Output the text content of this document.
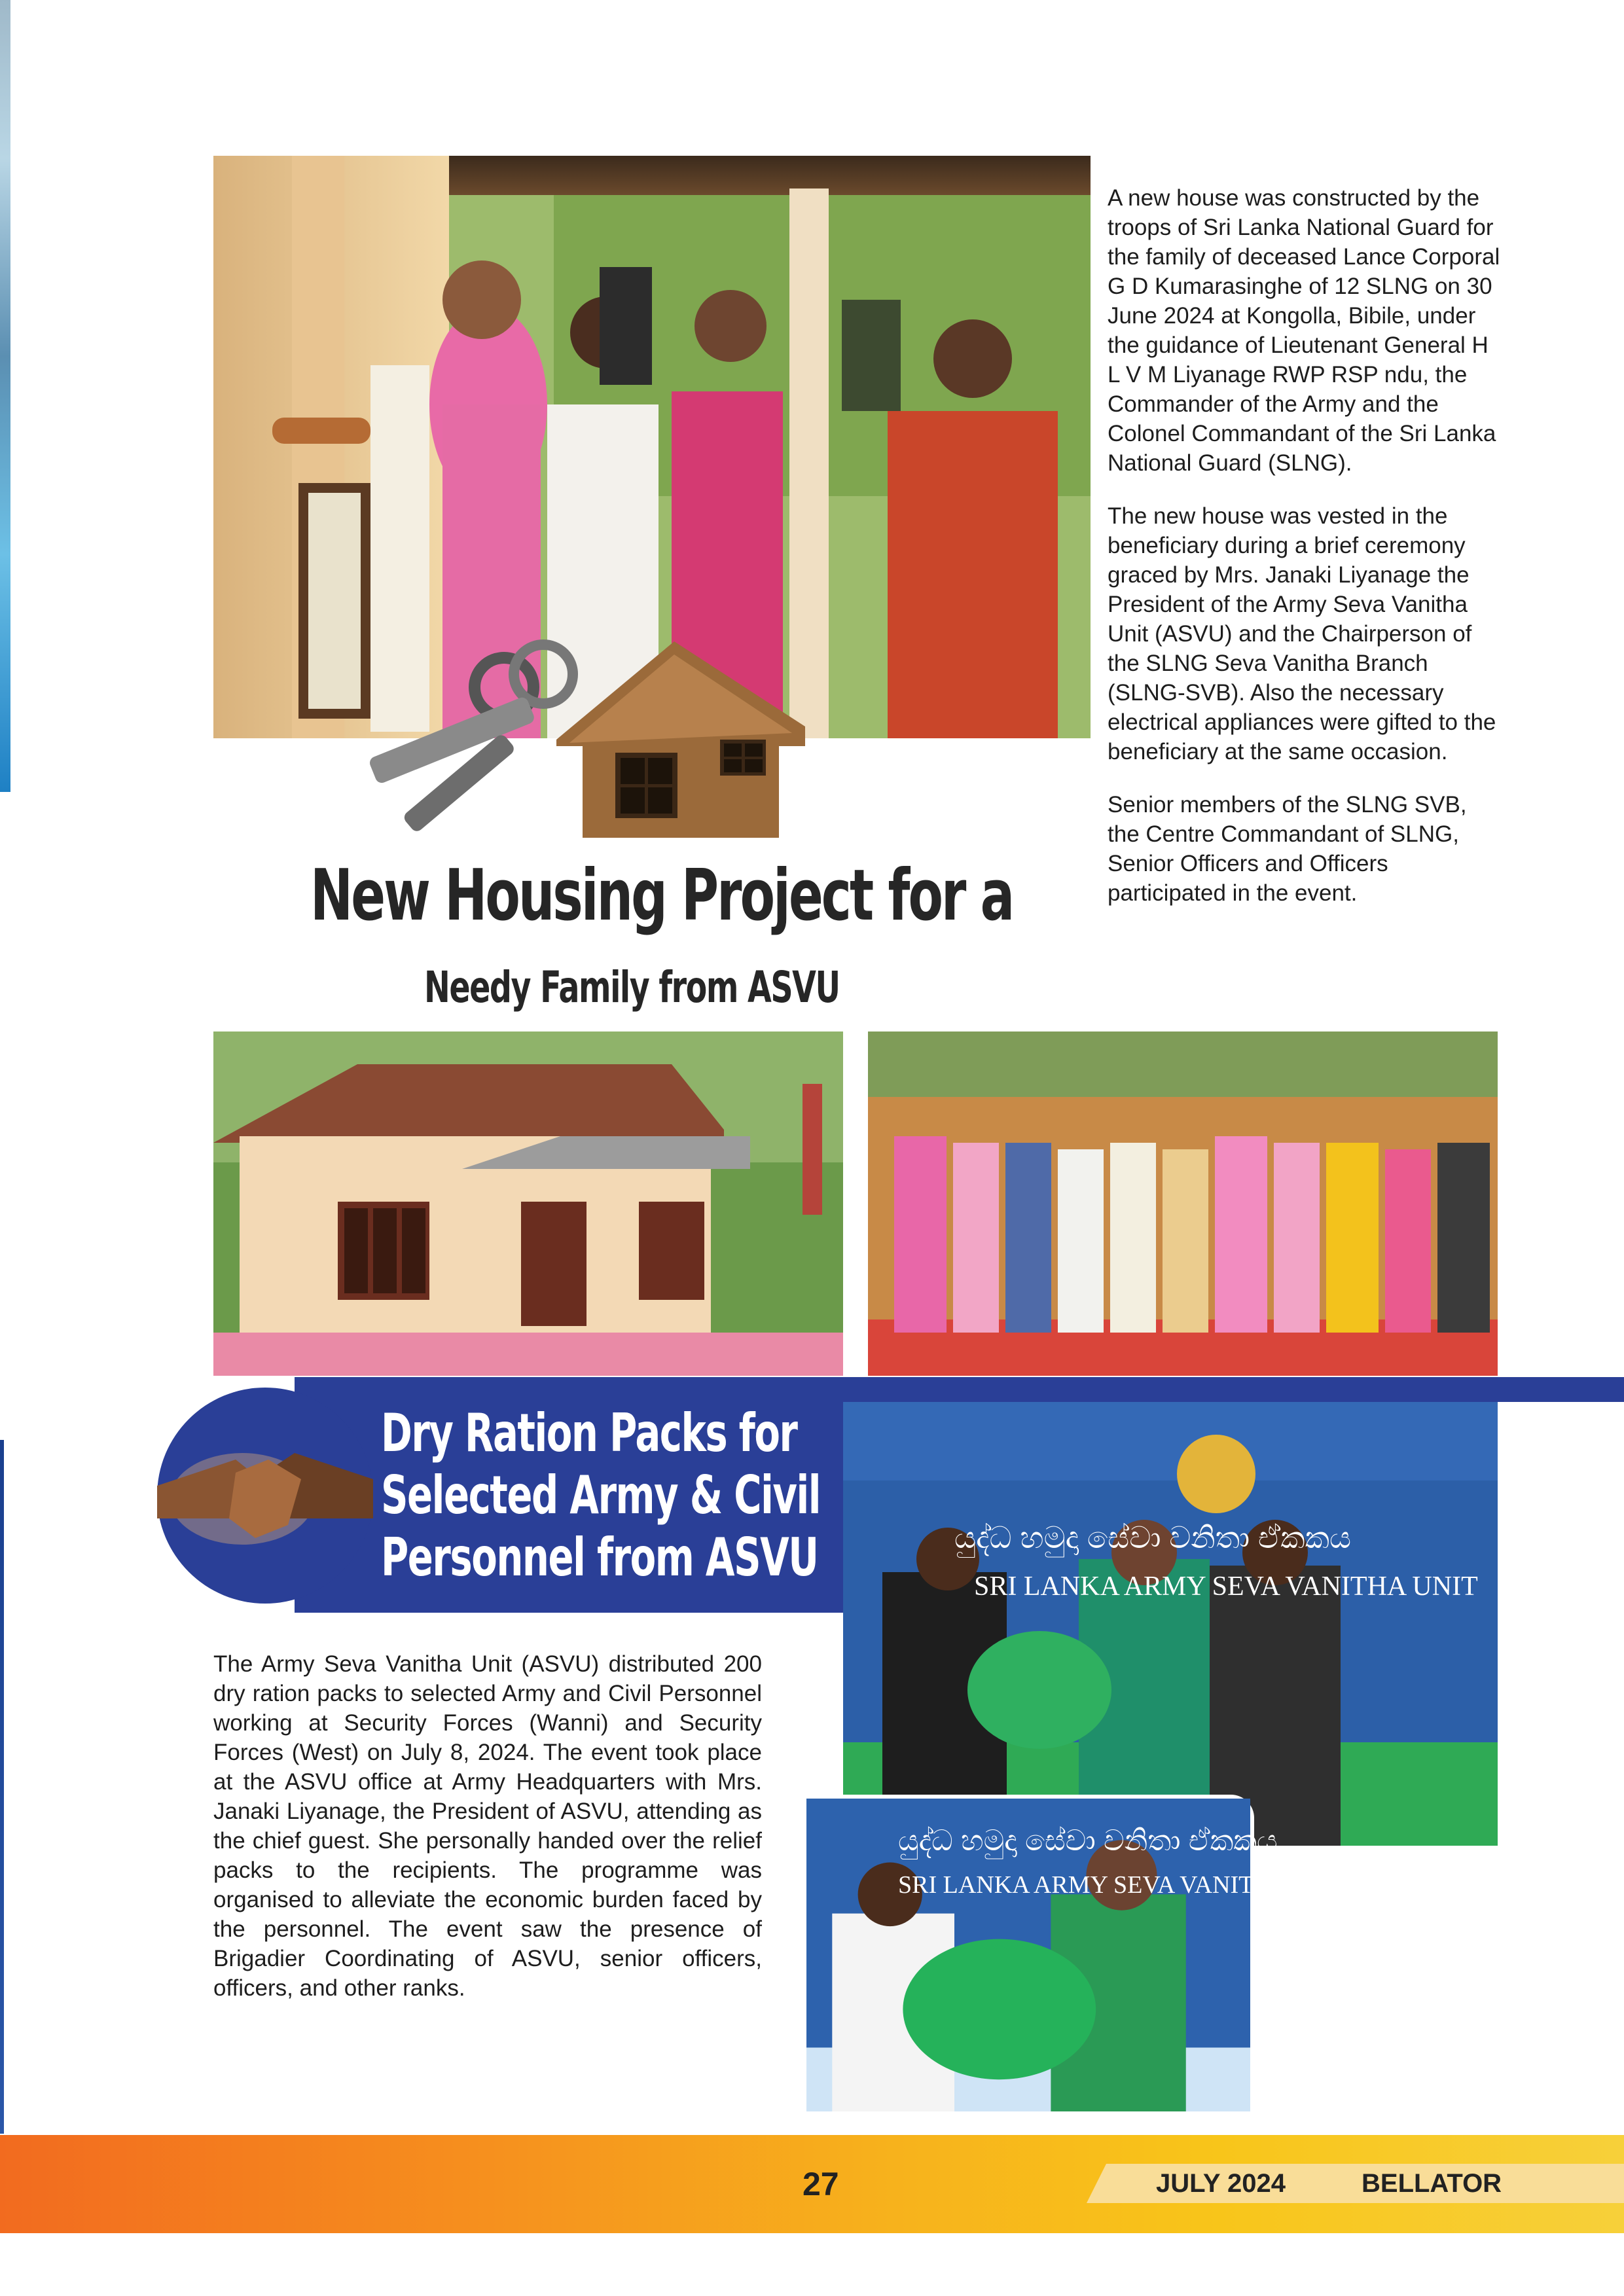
A new house was constructed by the troops of Sri Lanka National Guard for the family of deceased Lance Corporal G D Kumarasinghe of 12 SLNG on 30 June 2024 at Kongolla, Bibile, under the guidance of Lieutenant General H L V M Liyanage RWP RSP ndu, the Commander of the Army and the Colonel Commandant of the Sri Lanka National Guard (SLNG).

The new house was vested in the beneficiary during a brief ceremony graced by Mrs. Janaki Liyanage the President of the Army Seva Vanitha Unit (ASVU) and the Chairperson of the SLNG Seva Vanitha Branch (SLNG-SVB). Also the necessary electrical appliances were gifted to the beneficiary at the same occasion.

Senior members of the SLNG SVB, the Centre Commandant of SLNG, Senior Officers and Officers participated in the event.

New Housing Project for a
Needy Family from ASVU
Dry Ration Packs for
Selected Army & Civil
Personnel from ASVU	යුද්ධ හමුදා සේවා වනිතා ඒකකය
SRI LANKA ARMY SEVA VANITHA UNIT
යුද්ධ හමුදා සේවා වනිතා ඒකකය
SRI LANKA ARMY SEVA VANITHA UNIT
The Army Seva Vanitha Unit (ASVU) distributed 200 dry ration packs to selected Army and Civil Personnel working at Security Forces (Wanni) and Security Forces (West) on July 8, 2024. The event took place at the ASVU office at Army Headquarters with Mrs. Janaki Liyanage, the President of ASVU, attending as the chief guest. She personally handed over the relief packs to the recipients. The programme was organised to alleviate the economic burden faced by the personnel. The event saw the presence of Brigadier Coordinating of ASVU, senior officers, officers, and other ranks.
27	JULY 2024	BELLATOR
